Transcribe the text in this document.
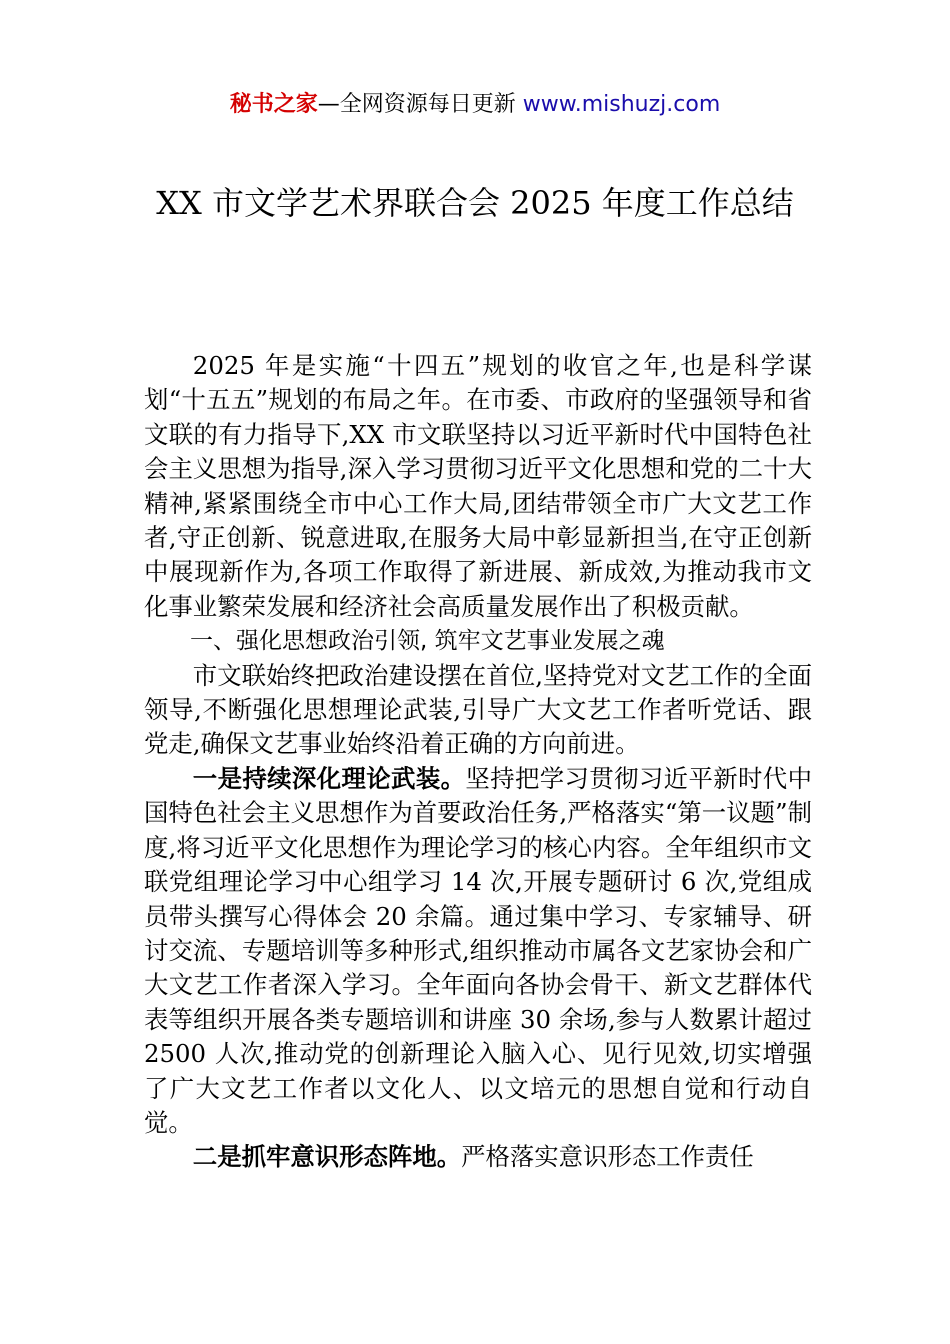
秘书之家—全网资源每日更新 www.mishuzj.com
XX 市文学艺术界联合会 2025 年度工作总结

2025 年是实施“十四五”规划的收官之年,也是科学谋划“十五五”规划的布局之年。在市委、市政府的坚强领导和省文联的有力指导下,XX 市文联坚持以习近平新时代中国特色社会主义思想为指导,深入学习贯彻习近平文化思想和党的二十大精神,紧紧围绕全市中心工作大局,团结带领全市广大文艺工作者,守正创新、锐意进取,在服务大局中彰显新担当,在守正创新中展现新作为,各项工作取得了新进展、新成效,为推动我市文化事业繁荣发展和经济社会高质量发展作出了积极贡献。

一、强化思想政治引领, 筑牢文艺事业发展之魂

市文联始终把政治建设摆在首位,坚持党对文艺工作的全面领导,不断强化思想理论武装,引导广大文艺工作者听党话、跟党走,确保文艺事业始终沿着正确的方向前进。

一是持续深化理论武装。坚持把学习贯彻习近平新时代中国特色社会主义思想作为首要政治任务,严格落实“第一议题”制度,将习近平文化思想作为理论学习的核心内容。全年组织市文联党组理论学习中心组学习 14 次,开展专题研讨 6 次,党组成员带头撰写心得体会 20 余篇。通过集中学习、专家辅导、研讨交流、专题培训等多种形式,组织推动市属各文艺家协会和广大文艺工作者深入学习。全年面向各协会骨干、新文艺群体代表等组织开展各类专题培训和讲座 30 余场,参与人数累计超过 2500 人次,推动党的创新理论入脑入心、见行见效,切实增强了广大文艺工作者以文化人、以文培元的思想自觉和行动自觉。

二是抓牢意识形态阵地。严格落实意识形态工作责任
